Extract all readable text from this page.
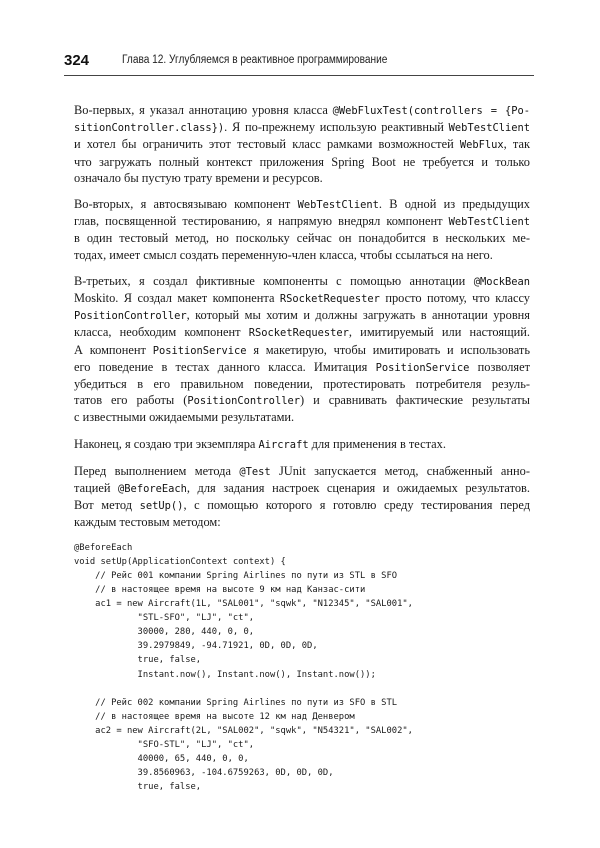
324	Глава 12. Углубляемся в реактивное программирование

Во-первых, я указал аннотацию уровня класса @WebFluxTest(controllers = {Po-
sitionController.class}). Я по-прежнему использую реактивный WebTestClient
и хотел бы ограничить этот тестовый класс рамками возможностей WebFlux, так
что загружать полный контекст приложения Spring Boot не требуется и только
означало бы пустую трату времени и ресурсов.

Во-вторых, я автосвязываю компонент WebTestClient. В одной из предыдущих
глав, посвященной тестированию, я напрямую внедрял компонент WebTestClient
в один тестовый метод, но поскольку сейчас он понадобится в нескольких ме-
тодах, имеет смысл создать переменную-член класса, чтобы ссылаться на него.

В-третьих, я создал фиктивные компоненты с помощью аннотации @MockBean
Moskito. Я создал макет компонента RSocketRequester просто потому, что классу
PositionController, который мы хотим и должны загружать в аннотации уровня
класса, необходим компонент RSocketRequester, имитируемый или настоящий.
А компонент PositionService я макетирую, чтобы имитировать и использовать
его поведение в тестах данного класса. Имитация PositionService позволяет
убедиться в его правильном поведении, протестировать потребителя резуль-
татов его работы (PositionController) и сравнивать фактические результаты
с известными ожидаемыми результатами.

Наконец, я создаю три экземпляра Aircraft для применения в тестах.

Перед выполнением метода @Test JUnit запускается метод, снабженный анно-
тацией @BeforeEach, для задания настроек сценария и ожидаемых результатов.
Вот метод setUp(), с помощью которого я готовлю среду тестирования перед
каждым тестовым методом:

@BeforeEach
void setUp(ApplicationContext context) {
// Рейс 001 компании Spring Airlines по пути из STL в SFO
// в настоящее время на высоте 9 км над Канзас-сити
ac1 = new Aircraft(1L, "SAL001", "sqwk", "N12345", "SAL001",
"STL-SFO", "LJ", "ct",
30000, 280, 440, 0, 0,
39.2979849, -94.71921, 0D, 0D, 0D,
true, false,
Instant.now(), Instant.now(), Instant.now());
// Рейс 002 компании Spring Airlines по пути из SFO в STL
// в настоящее время на высоте 12 км над Денвером
ac2 = new Aircraft(2L, "SAL002", "sqwk", "N54321", "SAL002",
"SFO-STL", "LJ", "ct",
40000, 65, 440, 0, 0,
39.8560963, -104.6759263, 0D, 0D, 0D,
true, false,
